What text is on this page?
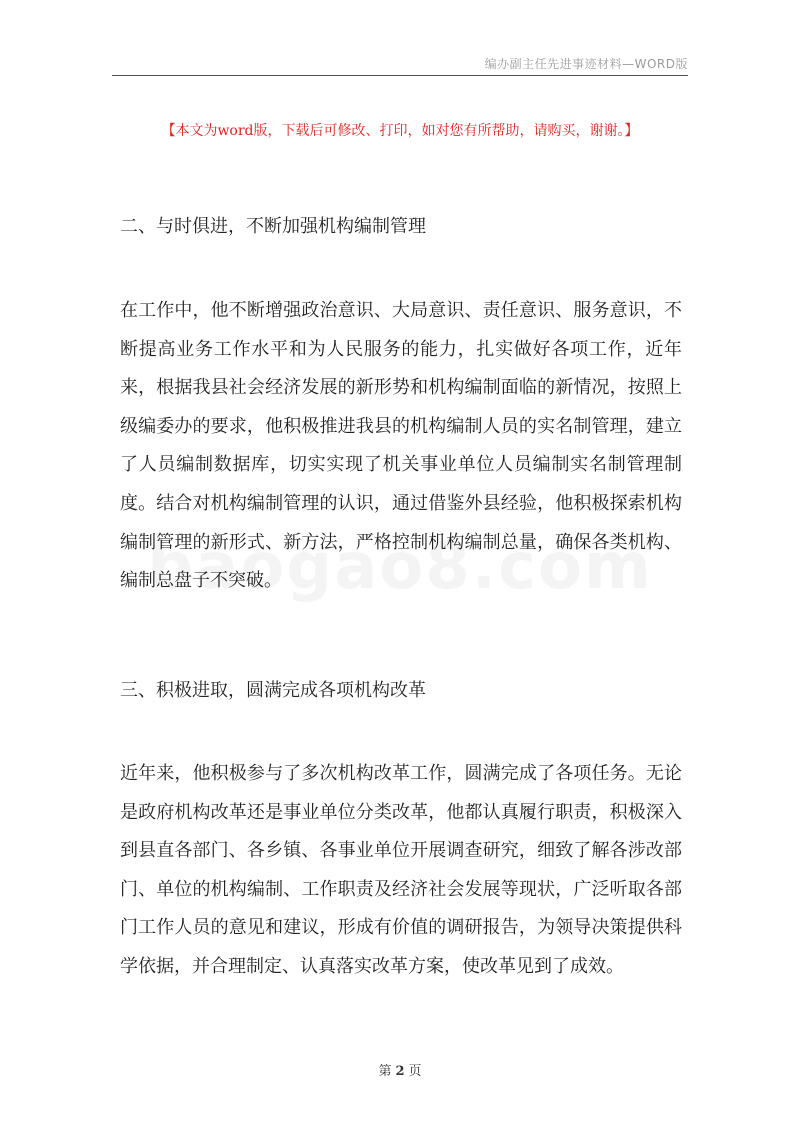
编办副主任先进事迹材料—WORD版
【本文为word版，下载后可修改、打印，如对您有所帮助，请购买，谢谢。】
二、与时俱进，不断加强机构编制管理
在工作中，他不断增强政治意识、大局意识、责任意识、服务意识，不断提高业务工作水平和为人民服务的能力，扎实做好各项工作，近年来，根据我县社会经济发展的新形势和机构编制面临的新情况，按照上级编委办的要求，他积极推进我县的机构编制人员的实名制管理，建立了人员编制数据库，切实实现了机关事业单位人员编制实名制管理制度。结合对机构编制管理的认识，通过借鉴外县经验，他积极探索机构编制管理的新形式、新方法，严格控制机构编制总量，确保各类机构、编制总盘子不突破。
三、积极进取，圆满完成各项机构改革
近年来，他积极参与了多次机构改革工作，圆满完成了各项任务。无论是政府机构改革还是事业单位分类改革，他都认真履行职责，积极深入到县直各部门、各乡镇、各事业单位开展调查研究，细致了解各涉改部门、单位的机构编制、工作职责及经济社会发展等现状，广泛听取各部门工作人员的意见和建议，形成有价值的调研报告，为领导决策提供科学依据，并合理制定、认真落实改革方案，使改革见到了成效。
第 2 页
